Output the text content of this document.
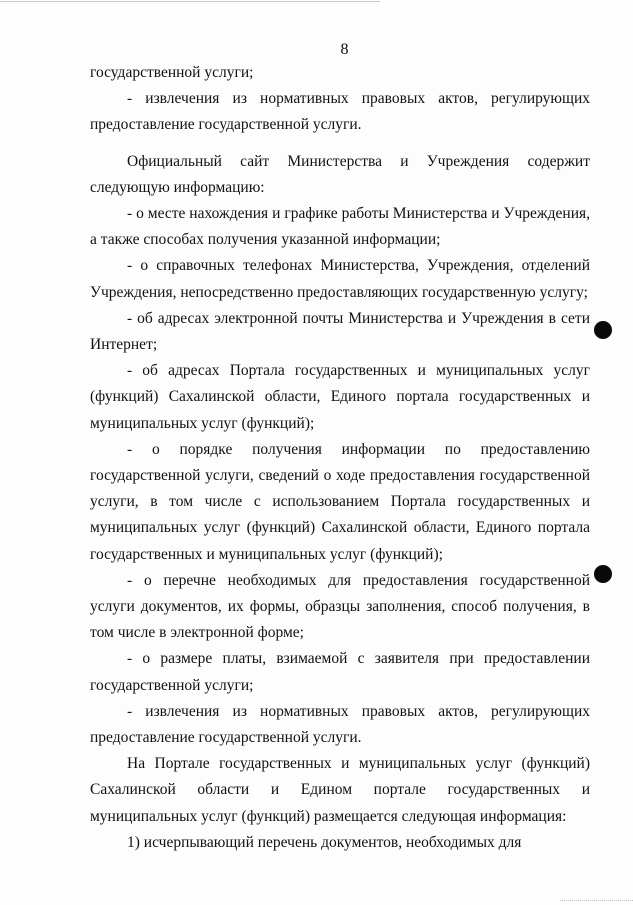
8

государственной услуги;

- извлечения из нормативных правовых актов, регулирующих предоставление государственной услуги.

Официальный сайт Министерства и Учреждения содержит следующую информацию:

- о месте нахождения и графике работы Министерства и Учреждения, а также способах получения указанной информации;

- о справочных телефонах Министерства, Учреждения, отделений Учреждения, непосредственно предоставляющих государственную услугу;

- об адресах электронной почты Министерства и Учреждения в сети Интернет;

- об адресах Портала государственных и муниципальных услуг (функций) Сахалинской области, Единого портала государственных и муниципальных услуг (функций);

- о порядке получения информации по предоставлению государственной услуги, сведений о ходе предоставления государственной услуги, в том числе с использованием Портала государственных и муниципальных услуг (функций) Сахалинской области, Единого портала государственных и муниципальных услуг (функций);

- о перечне необходимых для предоставления государственной услуги документов, их формы, образцы заполнения, способ получения, в том числе в электронной форме;

- о размере платы, взимаемой с заявителя при предоставлении государственной услуги;

- извлечения из нормативных правовых актов, регулирующих предоставление государственной услуги.

На Портале государственных и муниципальных услуг (функций) Сахалинской области и Едином портале государственных и муниципальных услуг (функций) размещается следующая информация:

1) исчерпывающий перечень документов, необходимых для
